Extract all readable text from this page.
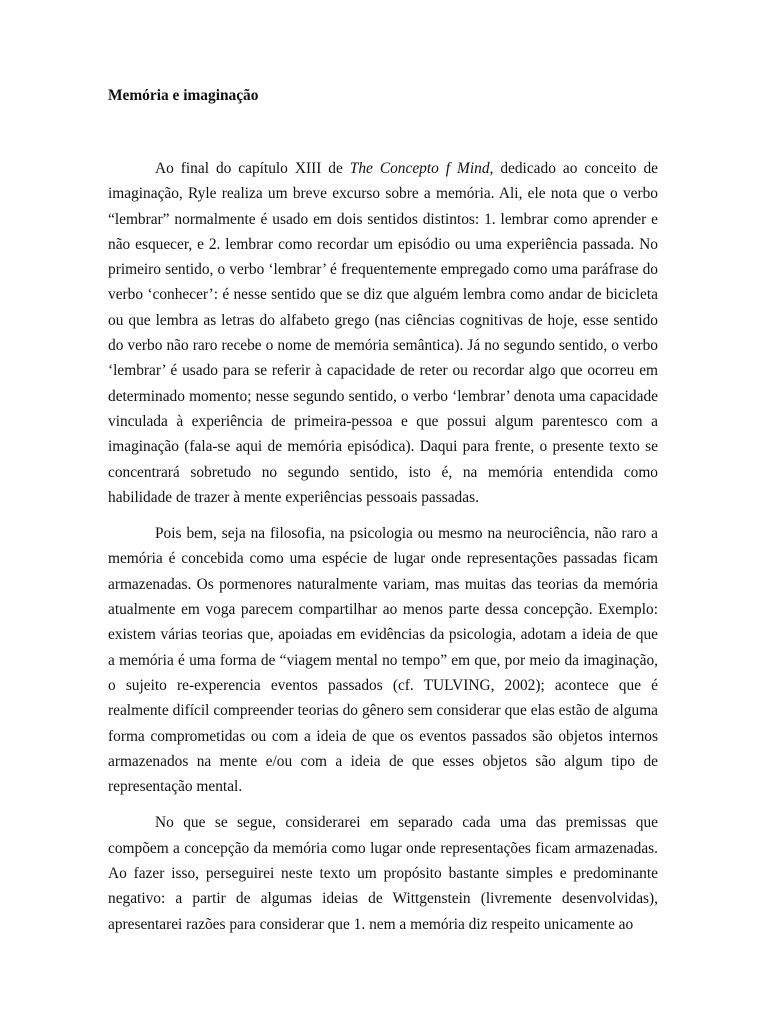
Memória e imaginação

Ao final do capítulo XIII de The Concepto f Mind, dedicado ao conceito de imaginação, Ryle realiza um breve excurso sobre a memória. Ali, ele nota que o verbo “lembrar” normalmente é usado em dois sentidos distintos: 1. lembrar como aprender e não esquecer, e 2. lembrar como recordar um episódio ou uma experiência passada. No primeiro sentido, o verbo ‘lembrar’ é frequentemente empregado como uma paráfrase do verbo ‘conhecer’: é nesse sentido que se diz que alguém lembra como andar de bicicleta ou que lembra as letras do alfabeto grego (nas ciências cognitivas de hoje, esse sentido do verbo não raro recebe o nome de memória semântica). Já no segundo sentido, o verbo ‘lembrar’ é usado para se referir à capacidade de reter ou recordar algo que ocorreu em determinado momento; nesse segundo sentido, o verbo ‘lembrar’ denota uma capacidade vinculada à experiência de primeira-pessoa e que possui algum parentesco com a imaginação (fala-se aqui de memória episódica). Daqui para frente, o presente texto se concentrará sobretudo no segundo sentido, isto é, na memória entendida como habilidade de trazer à mente experiências pessoais passadas.

Pois bem, seja na filosofia, na psicologia ou mesmo na neurociência, não raro a memória é concebida como uma espécie de lugar onde representações passadas ficam armazenadas. Os pormenores naturalmente variam, mas muitas das teorias da memória atualmente em voga parecem compartilhar ao menos parte dessa concepção. Exemplo: existem várias teorias que, apoiadas em evidências da psicologia, adotam a ideia de que a memória é uma forma de “viagem mental no tempo” em que, por meio da imaginação, o sujeito re-experencia eventos passados (cf. TULVING, 2002); acontece que é realmente difícil compreender teorias do gênero sem considerar que elas estão de alguma forma comprometidas ou com a ideia de que os eventos passados são objetos internos armazenados na mente e/ou com a ideia de que esses objetos são algum tipo de representação mental.

No que se segue, considerarei em separado cada uma das premissas que compõem a concepção da memória como lugar onde representações ficam armazenadas. Ao fazer isso, perseguirei neste texto um propósito bastante simples e predominante negativo: a partir de algumas ideias de Wittgenstein (livremente desenvolvidas), apresentarei razões para considerar que 1. nem a memória diz respeito unicamente ao
